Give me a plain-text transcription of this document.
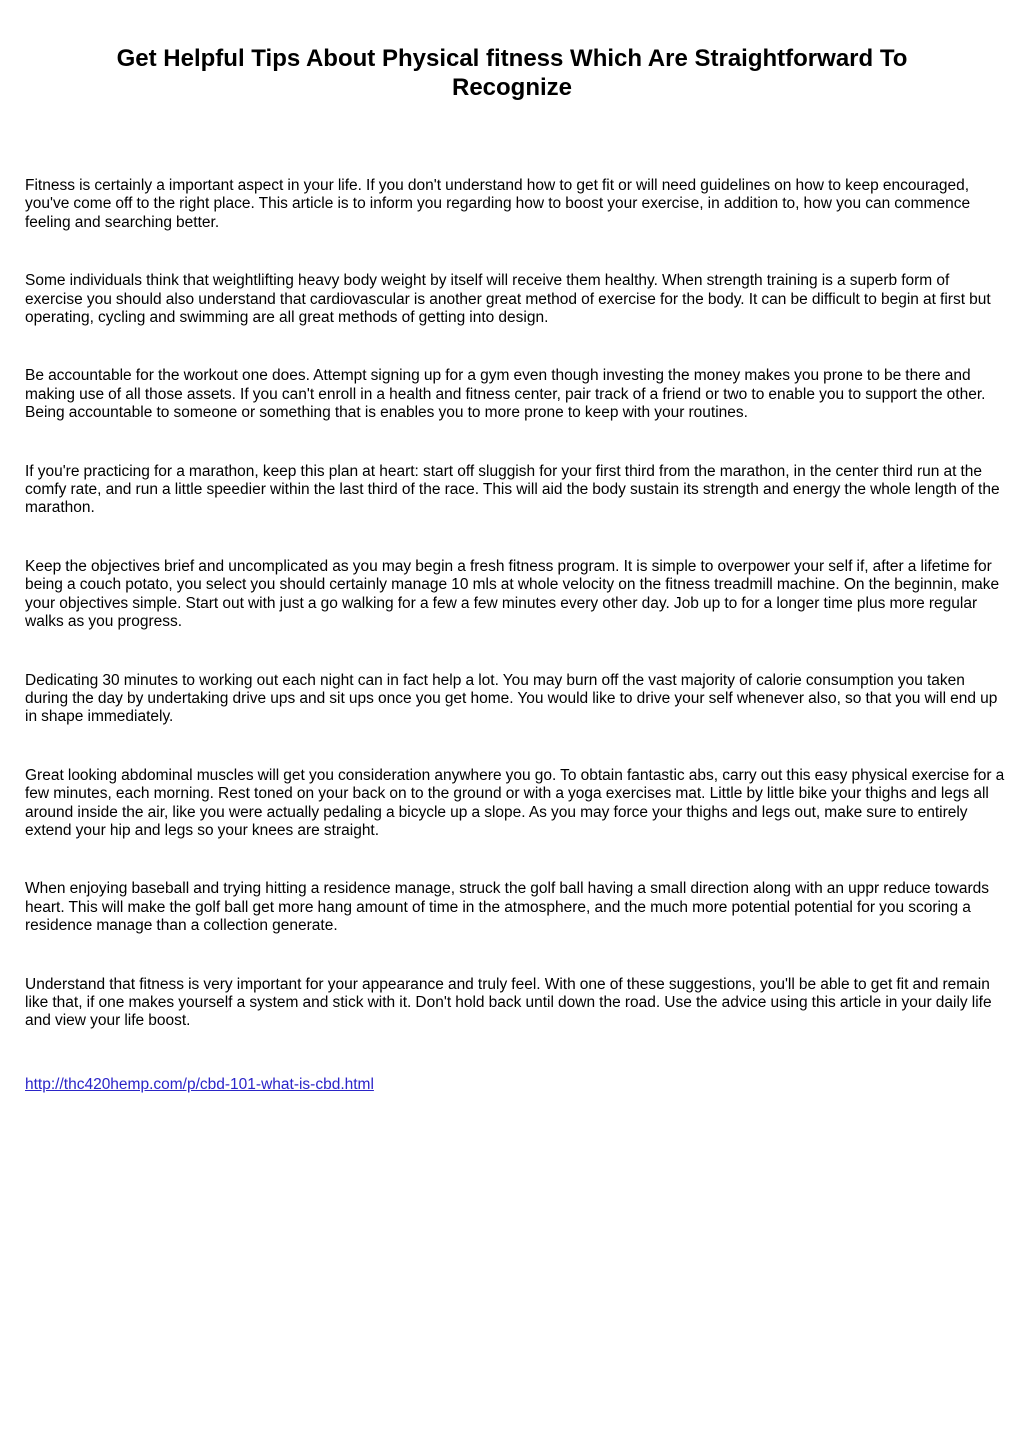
Get Helpful Tips About Physical fitness Which Are Straightforward To Recognize

Fitness is certainly a important aspect in your life. If you don't understand how to get fit or will need guidelines on how to keep encouraged, you've come off to the right place. This article is to inform you regarding how to boost your exercise, in addition to, how you can commence feeling and searching better.

Some individuals think that weightlifting heavy body weight by itself will receive them healthy. When strength training is a superb form of exercise you should also understand that cardiovascular is another great method of exercise for the body. It can be difficult to begin at first but operating, cycling and swimming are all great methods of getting into design.

Be accountable for the workout one does. Attempt signing up for a gym even though investing the money makes you prone to be there and making use of all those assets. If you can't enroll in a health and fitness center, pair track of a friend or two to enable you to support the other. Being accountable to someone or something that is enables you to more prone to keep with your routines.

If you're practicing for a marathon, keep this plan at heart: start off sluggish for your first third from the marathon, in the center third run at the comfy rate, and run a little speedier within the last third of the race. This will aid the body sustain its strength and energy the whole length of the marathon.

Keep the objectives brief and uncomplicated as you may begin a fresh fitness program. It is simple to overpower your self if, after a lifetime for being a couch potato, you select you should certainly manage 10 mls at whole velocity on the fitness treadmill machine. On the beginnin, make your objectives simple. Start out with just a go walking for a few a few minutes every other day. Job up to for a longer time plus more regular walks as you progress.

Dedicating 30 minutes to working out each night can in fact help a lot. You may burn off the vast majority of calorie consumption you taken during the day by undertaking drive ups and sit ups once you get home. You would like to drive your self whenever also, so that you will end up in shape immediately.

Great looking abdominal muscles will get you consideration anywhere you go. To obtain fantastic abs, carry out this easy physical exercise for a few minutes, each morning. Rest toned on your back on to the ground or with a yoga exercises mat. Little by little bike your thighs and legs all around inside the air, like you were actually pedaling a bicycle up a slope. As you may force your thighs and legs out, make sure to entirely extend your hip and legs so your knees are straight.

When enjoying baseball and trying hitting a residence manage, struck the golf ball having a small direction along with an uppr reduce towards heart. This will make the golf ball get more hang amount of time in the atmosphere, and the much more potential potential for you scoring a residence manage than a collection generate.

Understand that fitness is very important for your appearance and truly feel. With one of these suggestions, you'll be able to get fit and remain like that, if one makes yourself a system and stick with it. Don't hold back until down the road. Use the advice using this article in your daily life and view your life boost.

http://thc420hemp.com/p/cbd-101-what-is-cbd.html
